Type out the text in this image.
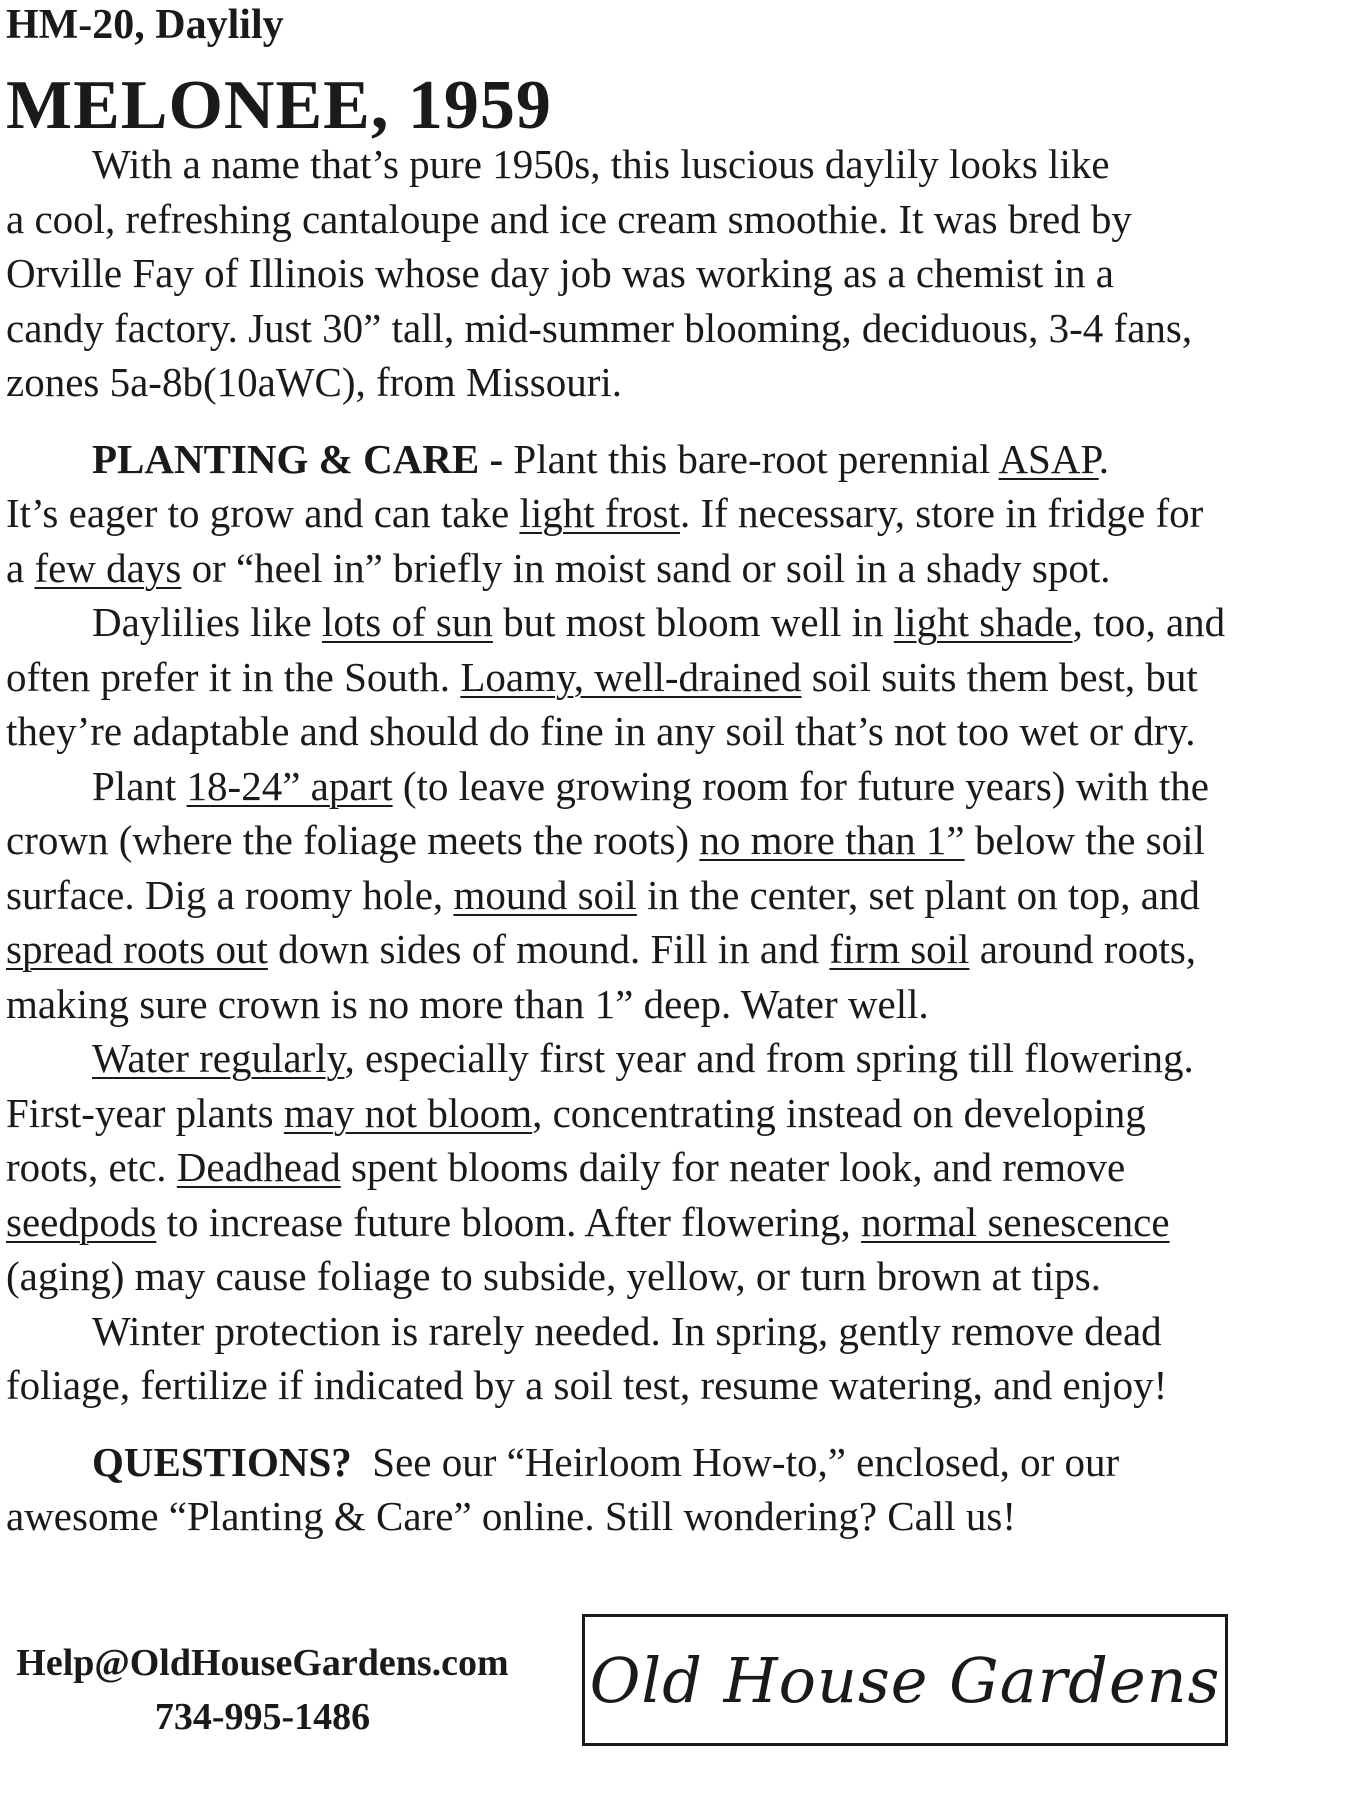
HM-20, Daylily
MELONEE, 1959

With a name that’s pure 1950s, this luscious daylily looks like
a cool, refreshing cantaloupe and ice cream smoothie. It was bred by
Orville Fay of Illinois whose day job was working as a chemist in a
candy factory. Just 30” tall, mid-summer blooming, deciduous, 3-4 fans,
zones 5a-8b(10aWC), from Missouri.

PLANTING & CARE - Plant this bare-root perennial ASAP.
It’s eager to grow and can take light frost. If necessary, store in fridge for
a few days or “heel in” briefly in moist sand or soil in a shady spot.

Daylilies like lots of sun but most bloom well in light shade, too, and
often prefer it in the South. Loamy, well-drained soil suits them best, but
they’re adaptable and should do fine in any soil that’s not too wet or dry.

Plant 18-24” apart (to leave growing room for future years) with the
crown (where the foliage meets the roots) no more than 1” below the soil
surface. Dig a roomy hole, mound soil in the center, set plant on top, and
spread roots out down sides of mound. Fill in and firm soil around roots,
making sure crown is no more than 1” deep. Water well.

Water regularly, especially first year and from spring till flowering.
First-year plants may not bloom, concentrating instead on developing
roots, etc. Deadhead spent blooms daily for neater look, and remove
seedpods to increase future bloom. After flowering, normal senescence
(aging) may cause foliage to subside, yellow, or turn brown at tips.

Winter protection is rarely needed. In spring, gently remove dead
foliage, fertilize if indicated by a soil test, resume watering, and enjoy!

QUESTIONS?  See our “Heirloom How-to,” enclosed, or our
awesome “Planting & Care” online. Still wondering? Call us!

Help@OldHouseGardens.com
734-995-1486
Old House Gardens
